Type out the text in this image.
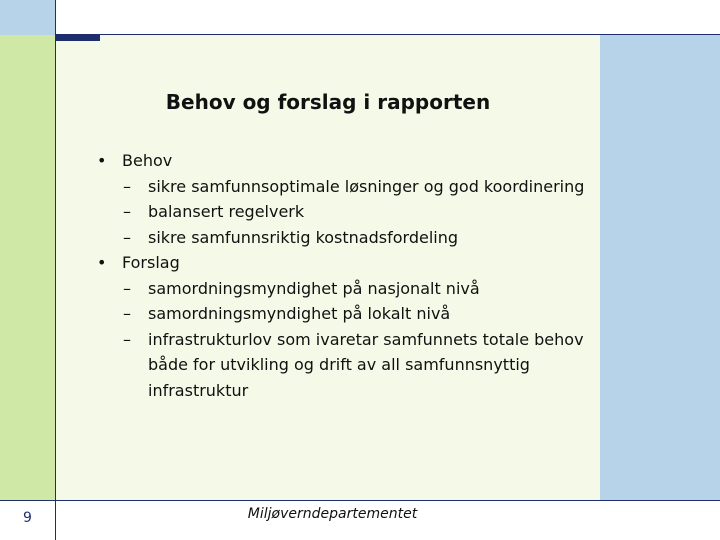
Behov og forslag i rapporten
• Behov
– sikre samfunnsoptimale løsninger og god koordinering
– balansert regelverk
– sikre samfunnsriktig kostnadsfordeling
• Forslag
– samordningsmyndighet på nasjonalt nivå
– samordningsmyndighet på lokalt nivå
– infrastrukturlov som ivaretar samfunnets totale behov både for utvikling og drift av all samfunnsnyttig infrastruktur
9	Miljøverndepartementet
